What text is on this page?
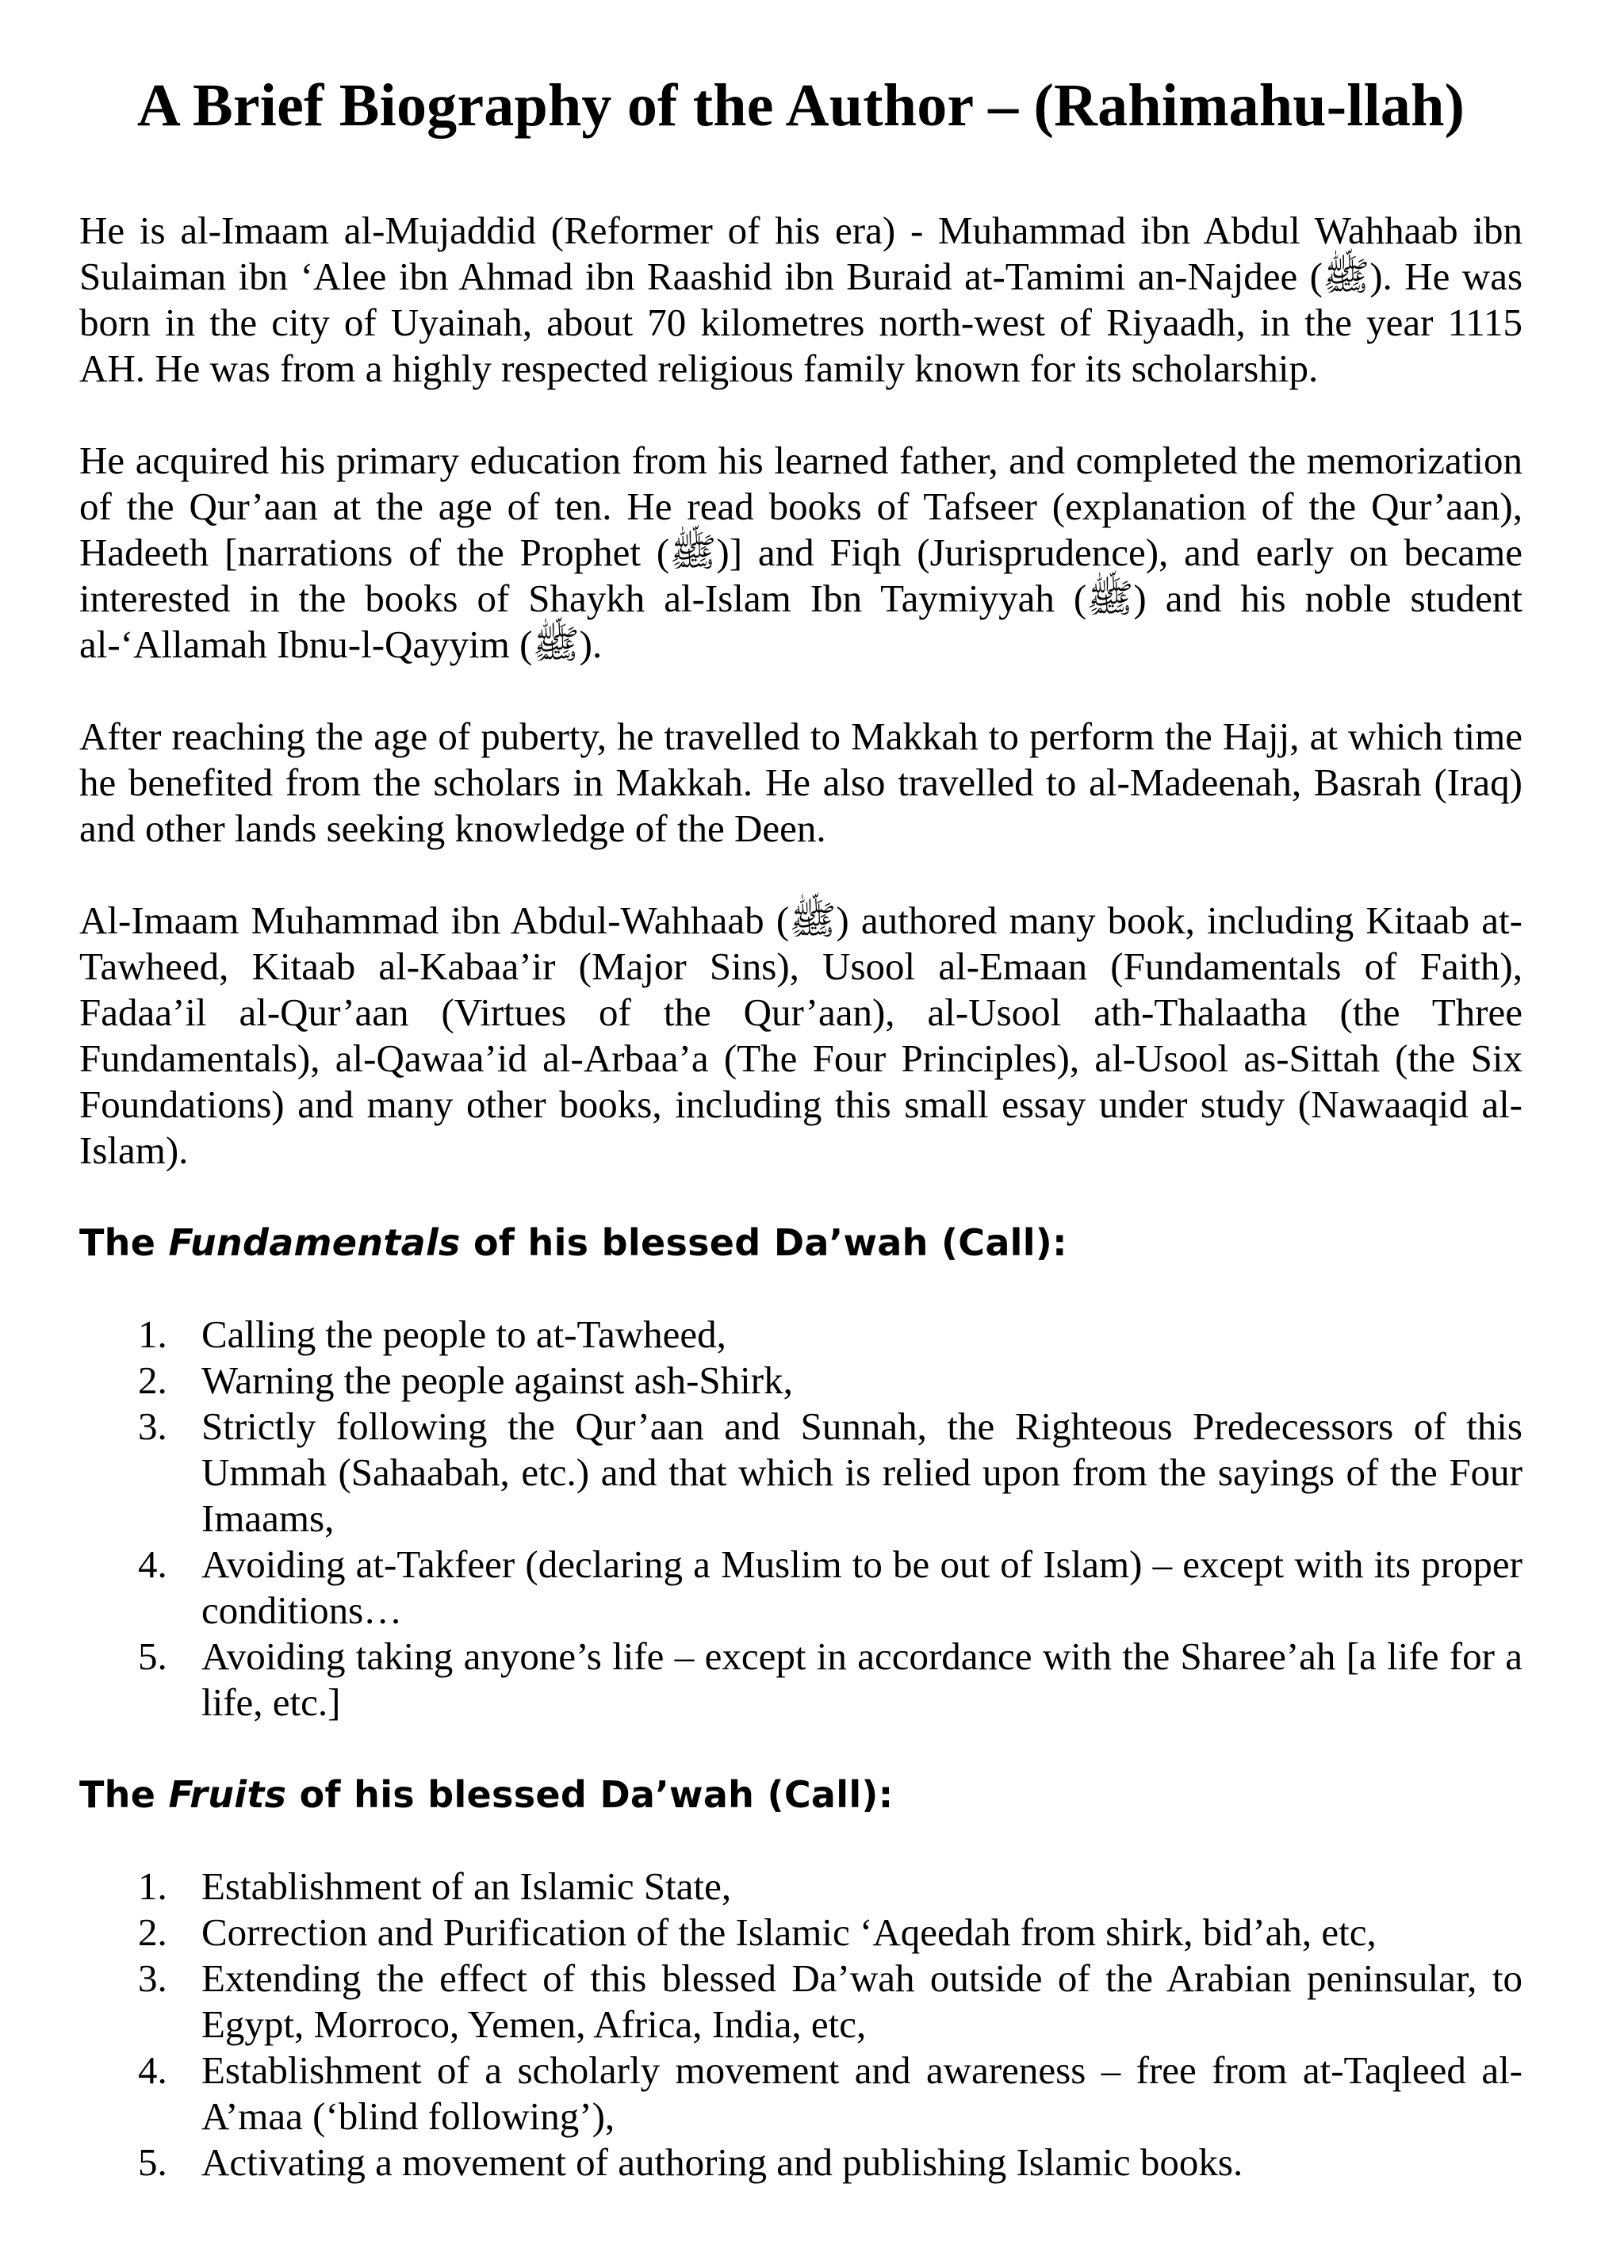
A Brief Biography of the Author – (Rahimahu-llah)

He is al-Imaam al-Mujaddid (Reformer of his era) - Muhammad ibn Abdul Wahhaab ibn Sulaiman ibn ‘Alee ibn Ahmad ibn Raashid ibn Buraid at-Tamimi an-Najdee (ﷺ). He was born in the city of Uyainah, about 70 kilometres north-west of Riyaadh, in the year 1115 AH. He was from a highly respected religious family known for its scholarship.

He acquired his primary education from his learned father, and completed the memorization of the Qur’aan at the age of ten. He read books of Tafseer (explanation of the Qur’aan), Hadeeth [narrations of the Prophet (ﷺ)] and Fiqh (Jurisprudence), and early on became interested in the books of Shaykh al-Islam Ibn Taymiyyah (ﷺ) and his noble student al-‘Allamah Ibnu-l-Qayyim (ﷺ).

After reaching the age of puberty, he travelled to Makkah to perform the Hajj, at which time he benefited from the scholars in Makkah. He also travelled to al-Madeenah, Basrah (Iraq) and other lands seeking knowledge of the Deen.

Al-Imaam Muhammad ibn Abdul-Wahhaab (ﷺ) authored many book, including Kitaab at-Tawheed, Kitaab al-Kabaa’ir (Major Sins), Usool al-Emaan (Fundamentals of Faith), Fadaa’il al-Qur’aan (Virtues of the Qur’aan), al-Usool ath-Thalaatha (the Three Fundamentals), al-Qawaa’id al-Arbaa’a (The Four Principles), al-Usool as-Sittah (the Six Foundations) and many other books, including this small essay under study (Nawaaqid al-Islam).

The Fundamentals of his blessed Da’wah (Call):
1. Calling the people to at-Tawheed,
2. Warning the people against ash-Shirk,
3. Strictly following the Qur’aan and Sunnah, the Righteous Predecessors of this Ummah (Sahaabah, etc.) and that which is relied upon from the sayings of the Four Imaams,
4. Avoiding at-Takfeer (declaring a Muslim to be out of Islam) – except with its proper conditions…
5. Avoiding taking anyone’s life – except in accordance with the Sharee’ah [a life for a life, etc.]
The Fruits of his blessed Da’wah (Call):
1. Establishment of an Islamic State,
2. Correction and Purification of the Islamic ‘Aqeedah from shirk, bid’ah, etc,
3. Extending the effect of this blessed Da’wah outside of the Arabian peninsular, to Egypt, Morroco, Yemen, Africa, India, etc,
4. Establishment of a scholarly movement and awareness – free from at-Taqleed al-A’maa (‘blind following’),
5. Activating a movement of authoring and publishing Islamic books.
